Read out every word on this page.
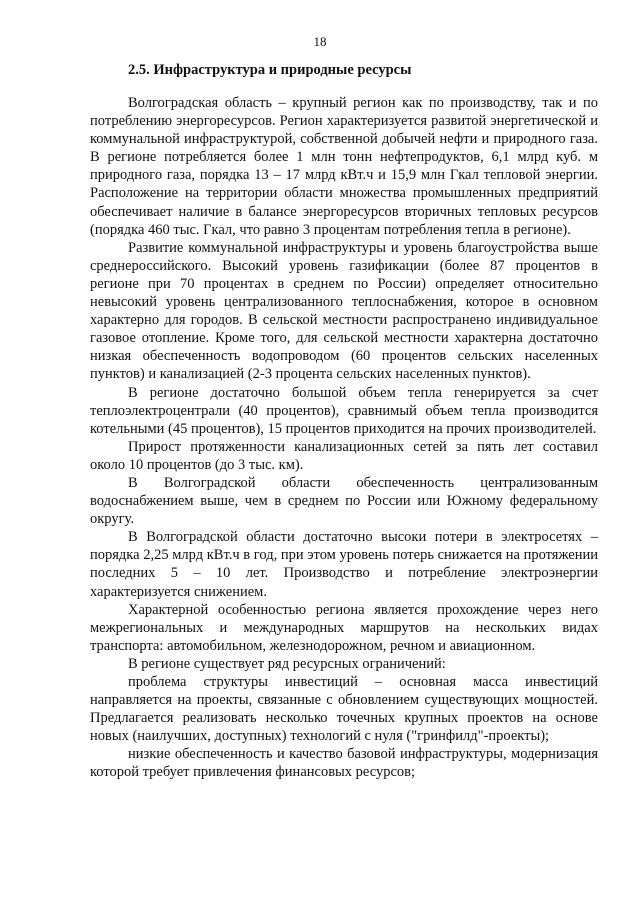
18
2.5. Инфраструктура и природные ресурсы

Волгоградская область – крупный регион как по производству, так и по потреблению энергоресурсов. Регион характеризуется развитой энергетической и коммунальной инфраструктурой, собственной добычей нефти и природного газа. В регионе потребляется более 1 млн тонн нефтепродуктов, 6,1 млрд куб. м природного газа, порядка 13 – 17 млрд кВт.ч и 15,9 млн Гкал тепловой энергии. Расположение на территории области множества промышленных предприятий обеспечивает наличие в балансе энергоресурсов вторичных тепловых ресурсов (порядка 460 тыс. Гкал, что равно 3 процентам потребления тепла в регионе).

Развитие коммунальной инфраструктуры и уровень благоустройства выше среднероссийского. Высокий уровень газификации (более 87 процентов в регионе при 70 процентах в среднем по России) определяет относительно невысокий уровень централизованного теплоснабжения, которое в основном характерно для городов. В сельской местности распространено индивидуальное газовое отопление. Кроме того, для сельской местности характерна достаточно низкая обеспеченность водопроводом (60 процентов сельских населенных пунктов) и канализацией (2-3 процента сельских населенных пунктов).

В регионе достаточно большой объем тепла генерируется за счет теплоэлектроцентрали (40 процентов), сравнимый объем тепла производится котельными (45 процентов), 15 процентов приходится на прочих производителей.

Прирост протяженности канализационных сетей за пять лет составил около 10 процентов (до 3 тыс. км).

В Волгоградской области обеспеченность централизованным водоснабжением выше, чем в среднем по России или Южному федеральному округу.

В Волгоградской области достаточно высоки потери в электросетях – порядка 2,25 млрд кВт.ч в год, при этом уровень потерь снижается на протяжении последних 5 – 10 лет. Производство и потребление электроэнергии характеризуется снижением.

Характерной особенностью региона является прохождение через него межрегиональных и международных маршрутов на нескольких видах транспорта: автомобильном, железнодорожном, речном и авиационном.

В регионе существует ряд ресурсных ограничений:

проблема структуры инвестиций – основная масса инвестиций направляется на проекты, связанные с обновлением существующих мощностей. Предлагается реализовать несколько точечных крупных проектов на основе новых (наилучших, доступных) технологий с нуля ("гринфилд"-проекты);

низкие обеспеченность и качество базовой инфраструктуры, модернизация которой требует привлечения финансовых ресурсов;
